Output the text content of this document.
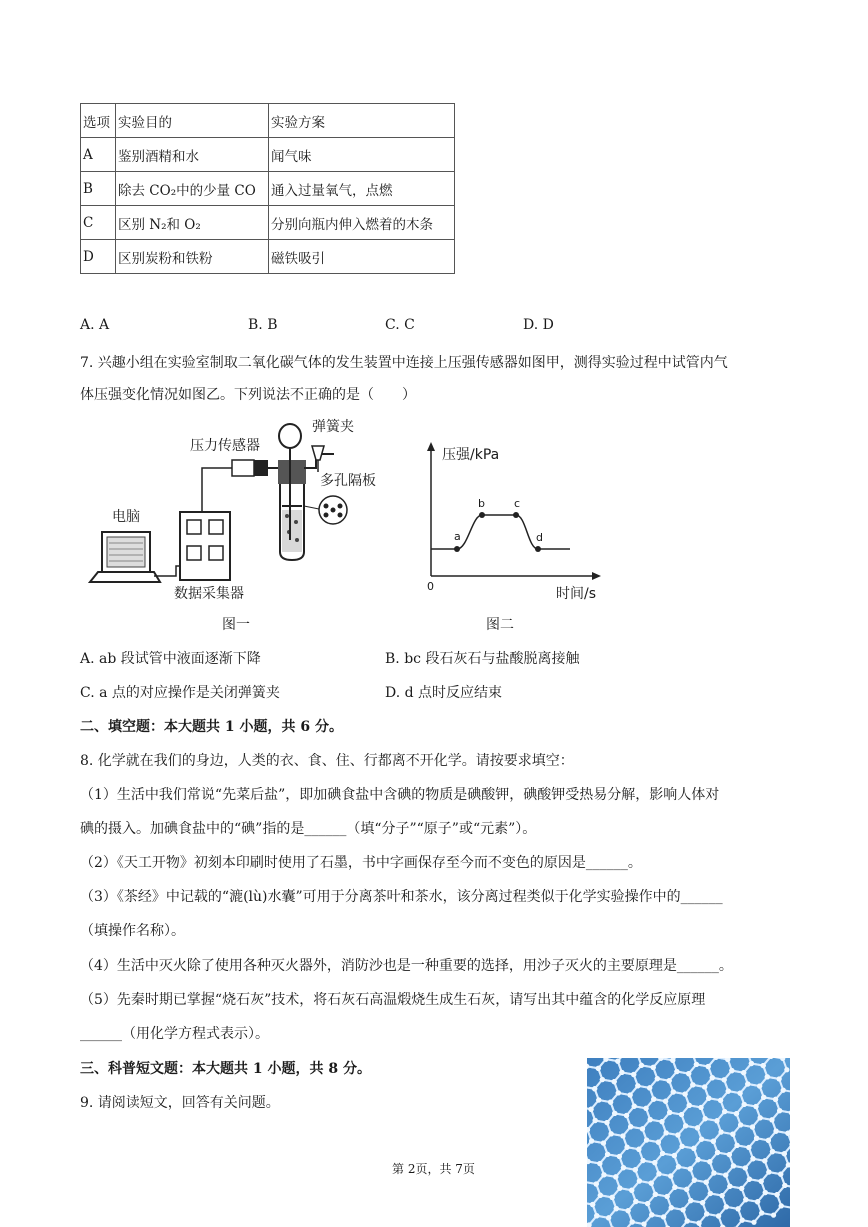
选项	实验目的	实验方案
A	鉴别酒精和水	闻气味
B	除去 CO₂中的少量 CO	通入过量氧气，点燃
C	区别 N₂和 O₂	分别向瓶内伸入燃着的木条
D	区别炭粉和铁粉	磁铁吸引
A. A	B. B	C. C	D. D
7. 兴趣小组在实验室制取二氧化碳气体的发生装置中连接上压强传感器如图甲，测得实验过程中试管内气
体压强变化情况如图乙。下列说法不正确的是（　　）
压力传感器
弹簧夹
多孔隔板
电脑
数据采集器
图一
压强/kPa
时间/s
0
a
b	c
d
图二
A. ab 段试管中液面逐渐下降	B. bc 段石灰石与盐酸脱离接触
C. a 点的对应操作是关闭弹簧夹	D. d 点时反应结束
二、填空题：本大题共 1 小题，共 6 分。
8. 化学就在我们的身边，人类的衣、食、住、行都离不开化学。请按要求填空：
（1）生活中我们常说“先菜后盐”，即加碘食盐中含碘的物质是碘酸钾，碘酸钾受热易分解，影响人体对
碘的摄入。加碘食盐中的“碘”指的是______（填“分子”“原子”或“元素”）。
（2）《天工开物》初刻本印刷时使用了石墨，书中字画保存至今而不变色的原因是______。
（3）《茶经》中记载的“漉(lù)水囊”可用于分离茶叶和茶水，该分离过程类似于化学实验操作中的______
（填操作名称）。
（4）生活中灭火除了使用各种灭火器外，消防沙也是一种重要的选择，用沙子灭火的主要原理是______。
（5）先秦时期已掌握“烧石灰”技术，将石灰石高温煅烧生成生石灰，请写出其中蕴含的化学反应原理
______（用化学方程式表示）。
三、科普短文题：本大题共 1 小题，共 8 分。
9. 请阅读短文，回答有关问题。
第 2页，共 7页
